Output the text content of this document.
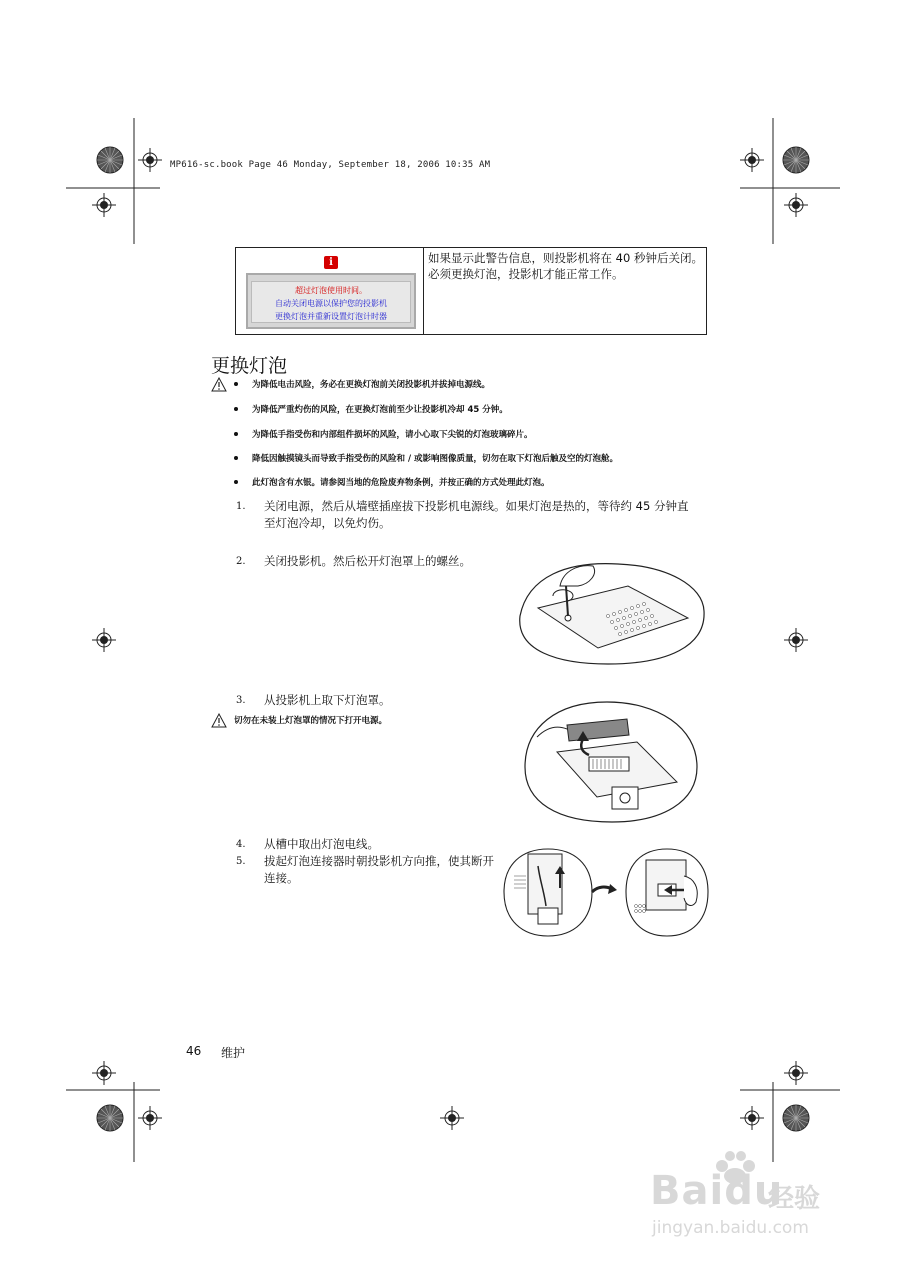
MP616-sc.book Page 46 Monday, September 18, 2006 10:35 AM
i
超过灯泡使用时间。
自动关闭电源以保护您的投影机
更换灯泡并重新设置灯泡计时器
如果显示此警告信息，则投影机将在 40 秒钟后关闭。必须更换灯泡，投影机才能正常工作。
更换灯泡
为降低电击风险，务必在更换灯泡前关闭投影机并拔掉电源线。
为降低严重灼伤的风险，在更换灯泡前至少让投影机冷却 45 分钟。
为降低手指受伤和内部组件损坏的风险，请小心取下尖锐的灯泡玻璃碎片。
降低因触摸镜头而导致手指受伤的风险和 / 或影响图像质量，切勿在取下灯泡后触及空的灯泡舱。
此灯泡含有水银。请参阅当地的危险废弃物条例，并按正确的方式处理此灯泡。
1. 关闭电源，然后从墙壁插座拔下投影机电源线。如果灯泡是热的，等待约 45 分钟直至灯泡冷却，以免灼伤。
2. 关闭投影机。然后松开灯泡罩上的螺丝。
3. 从投影机上取下灯泡罩。
切勿在未装上灯泡罩的情况下打开电源。
4. 从槽中取出灯泡电线。
5. 拔起灯泡连接器时朝投影机方向推，使其断开连接。
46 维护
Baidu
经验
jingyan.baidu.com
